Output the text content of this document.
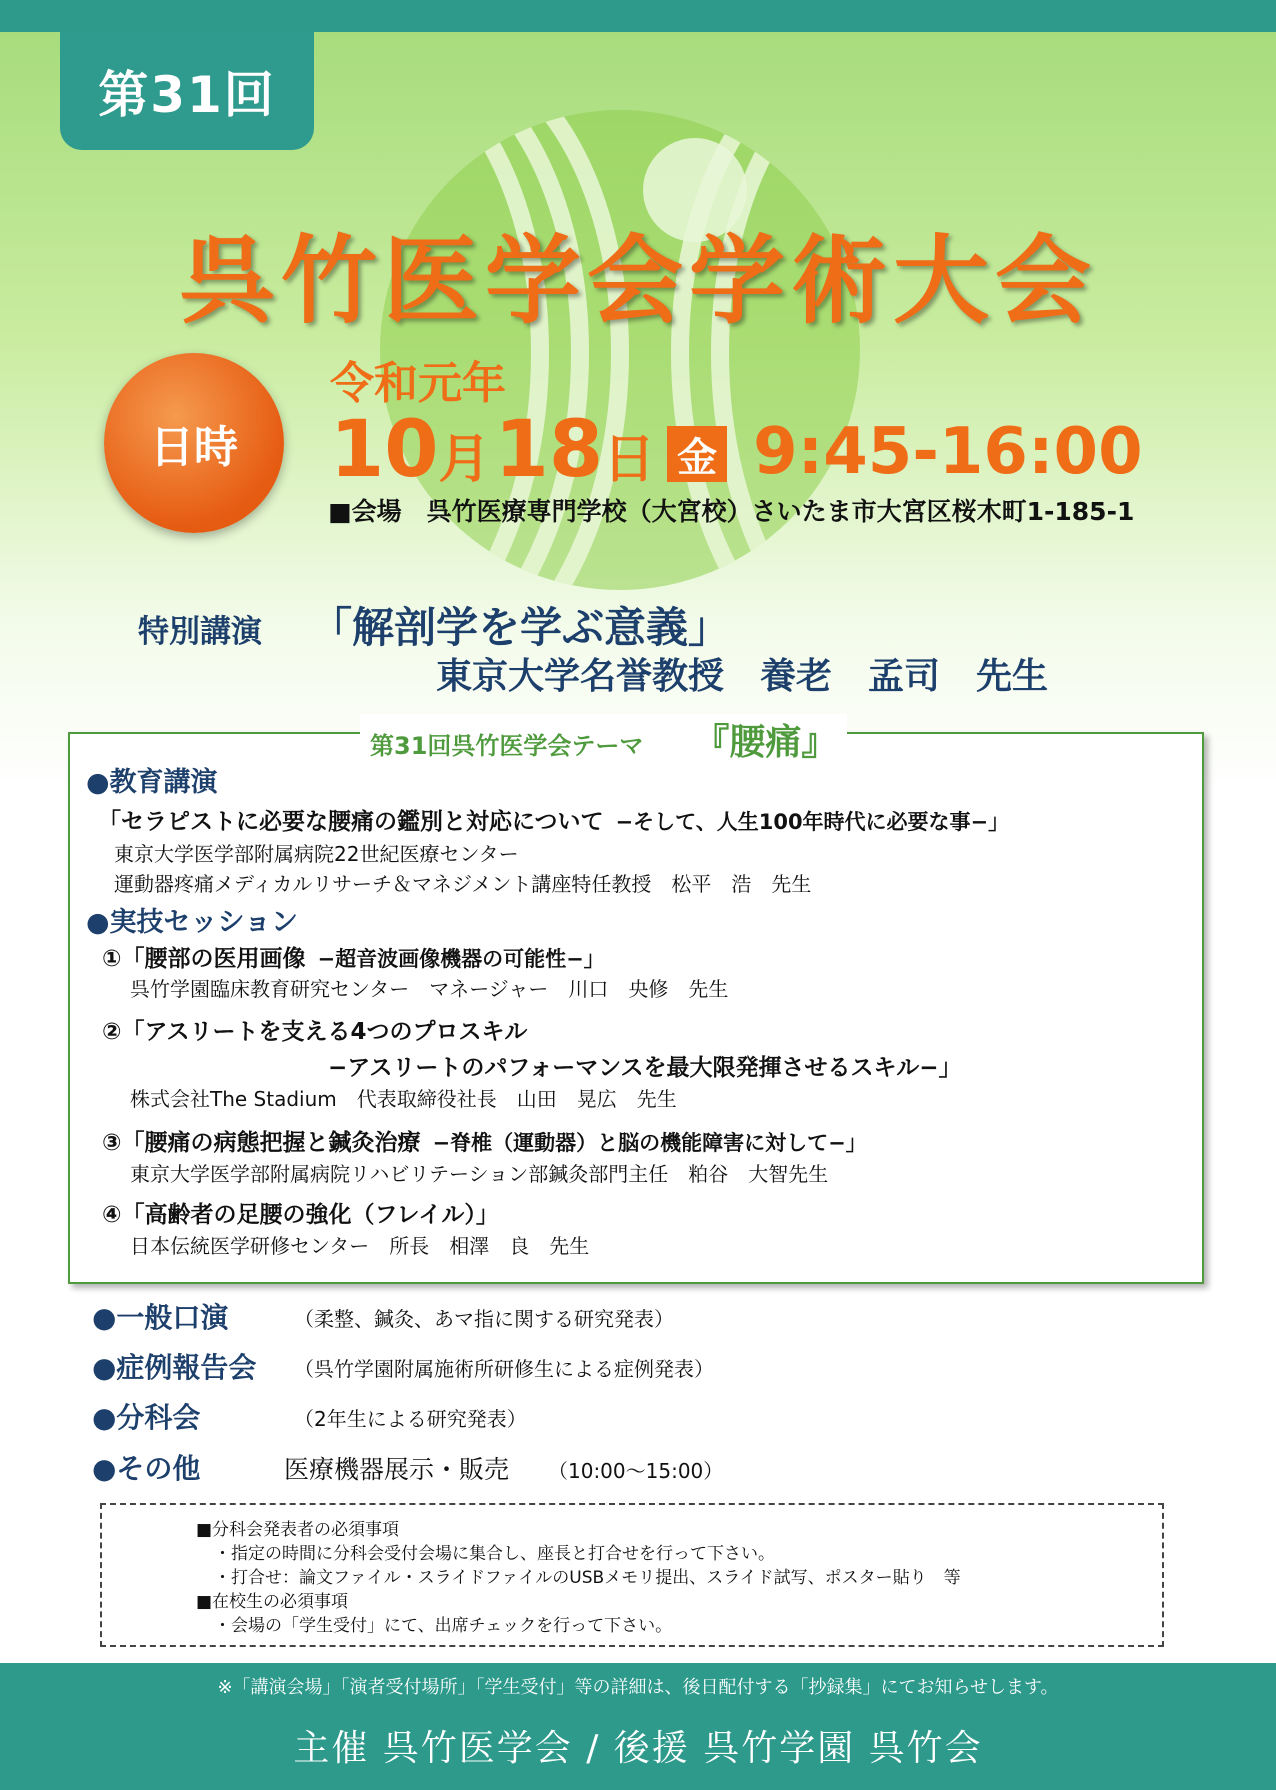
第31回
呉竹医学会学術大会
日時
令和元年
10 月 18 日 金 9:45-16:00
■会場　呉竹医療専門学校（大宮校）さいたま市大宮区桜木町1-185-1
特別講演 「解剖学を学ぶ意義」
東京大学名誉教授　養老　孟司　先生
第31回呉竹医学会テーマ 『腰痛』
●教育講演
「セラピストに必要な腰痛の鑑別と対応について −そして、人生100年時代に必要な事−」
東京大学医学部附属病院22世紀医療センター
運動器疼痛メディカルリサーチ＆マネジメント講座特任教授　松平　浩　先生
●実技セッション
①「腰部の医用画像 −超音波画像機器の可能性−」
呉竹学園臨床教育研究センター　マネージャー　川口　央修　先生
②「アスリートを支える4つのプロスキル
−アスリートのパフォーマンスを最大限発揮させるスキル−」
株式会社The Stadium　代表取締役社長　山田　晃広　先生
③「腰痛の病態把握と鍼灸治療 −脊椎（運動器）と脳の機能障害に対して−」
東京大学医学部附属病院リハビリテーション部鍼灸部門主任　粕谷　大智先生
④「高齢者の足腰の強化（フレイル）」
日本伝統医学研修センター　所長　相澤　良　先生
●一般口演	（柔整、鍼灸、あマ指に関する研究発表）
●症例報告会 （呉竹学園附属施術所研修生による症例発表）
●分科会	（2年生による研究発表）
●その他	医療機器展示・販売 （10:00～15:00）
■分科会発表者の必須事項
・指定の時間に分科会受付会場に集合し、座長と打合せを行って下さい。
・打合せ：論文ファイル・スライドファイルのUSBメモリ提出、スライド試写、ポスター貼り　等
■在校生の必須事項
・会場の「学生受付」にて、出席チェックを行って下さい。
※「講演会場」「演者受付場所」「学生受付」等の詳細は、後日配付する「抄録集」にてお知らせします。
主催 呉竹医学会 / 後援 呉竹学園 呉竹会
